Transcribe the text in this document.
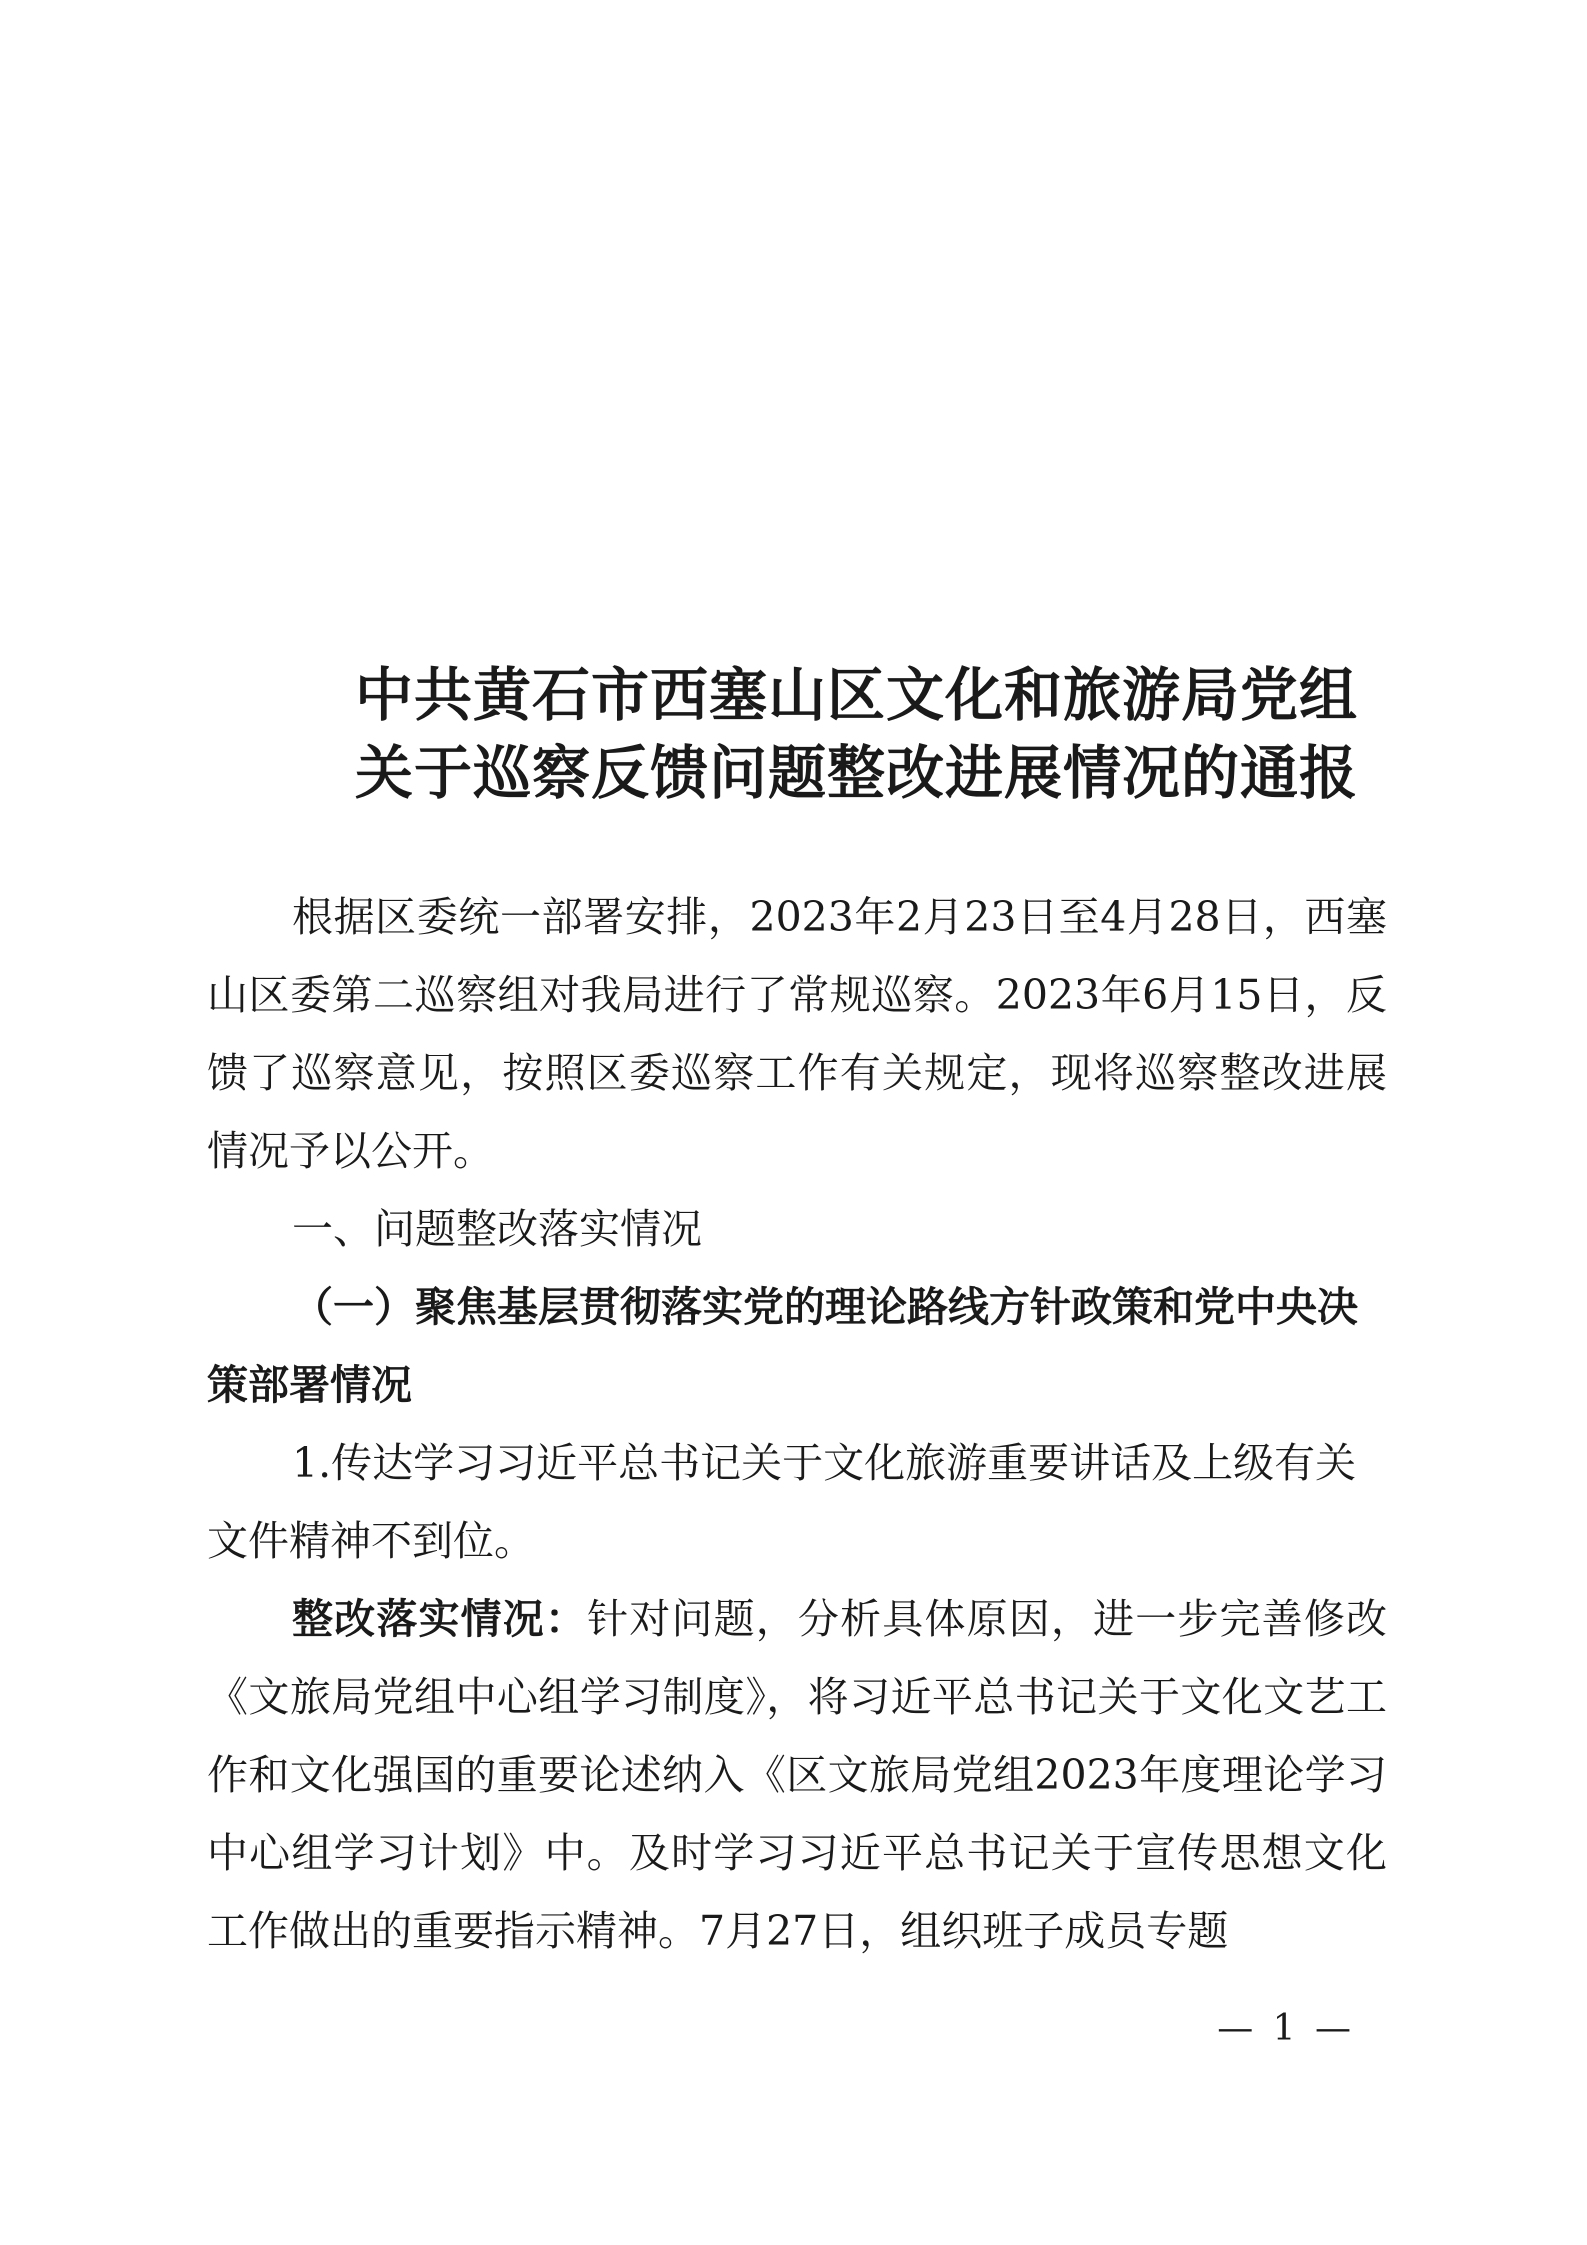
中共黄石市西塞山区文化和旅游局党组
关于巡察反馈问题整改进展情况的通报

根据区委统一部署安排，2023年2月23日至4月28日，西塞山区委第二巡察组对我局进行了常规巡察。2023年6月15日，反馈了巡察意见，按照区委巡察工作有关规定，现将巡察整改进展情况予以公开。

一、问题整改落实情况

（一）聚焦基层贯彻落实党的理论路线方针政策和党中央决策部署情况

1.传达学习习近平总书记关于文化旅游重要讲话及上级有关文件精神不到位。

整改落实情况：针对问题，分析具体原因，进一步完善修改《文旅局党组中心组学习制度》，将习近平总书记关于文化文艺工作和文化强国的重要论述纳入《区文旅局党组2023年度理论学习中心组学习计划》中。及时学习习近平总书记关于宣传思想文化工作做出的重要指示精神。7月27日，组织班子成员专题

— 1 —
